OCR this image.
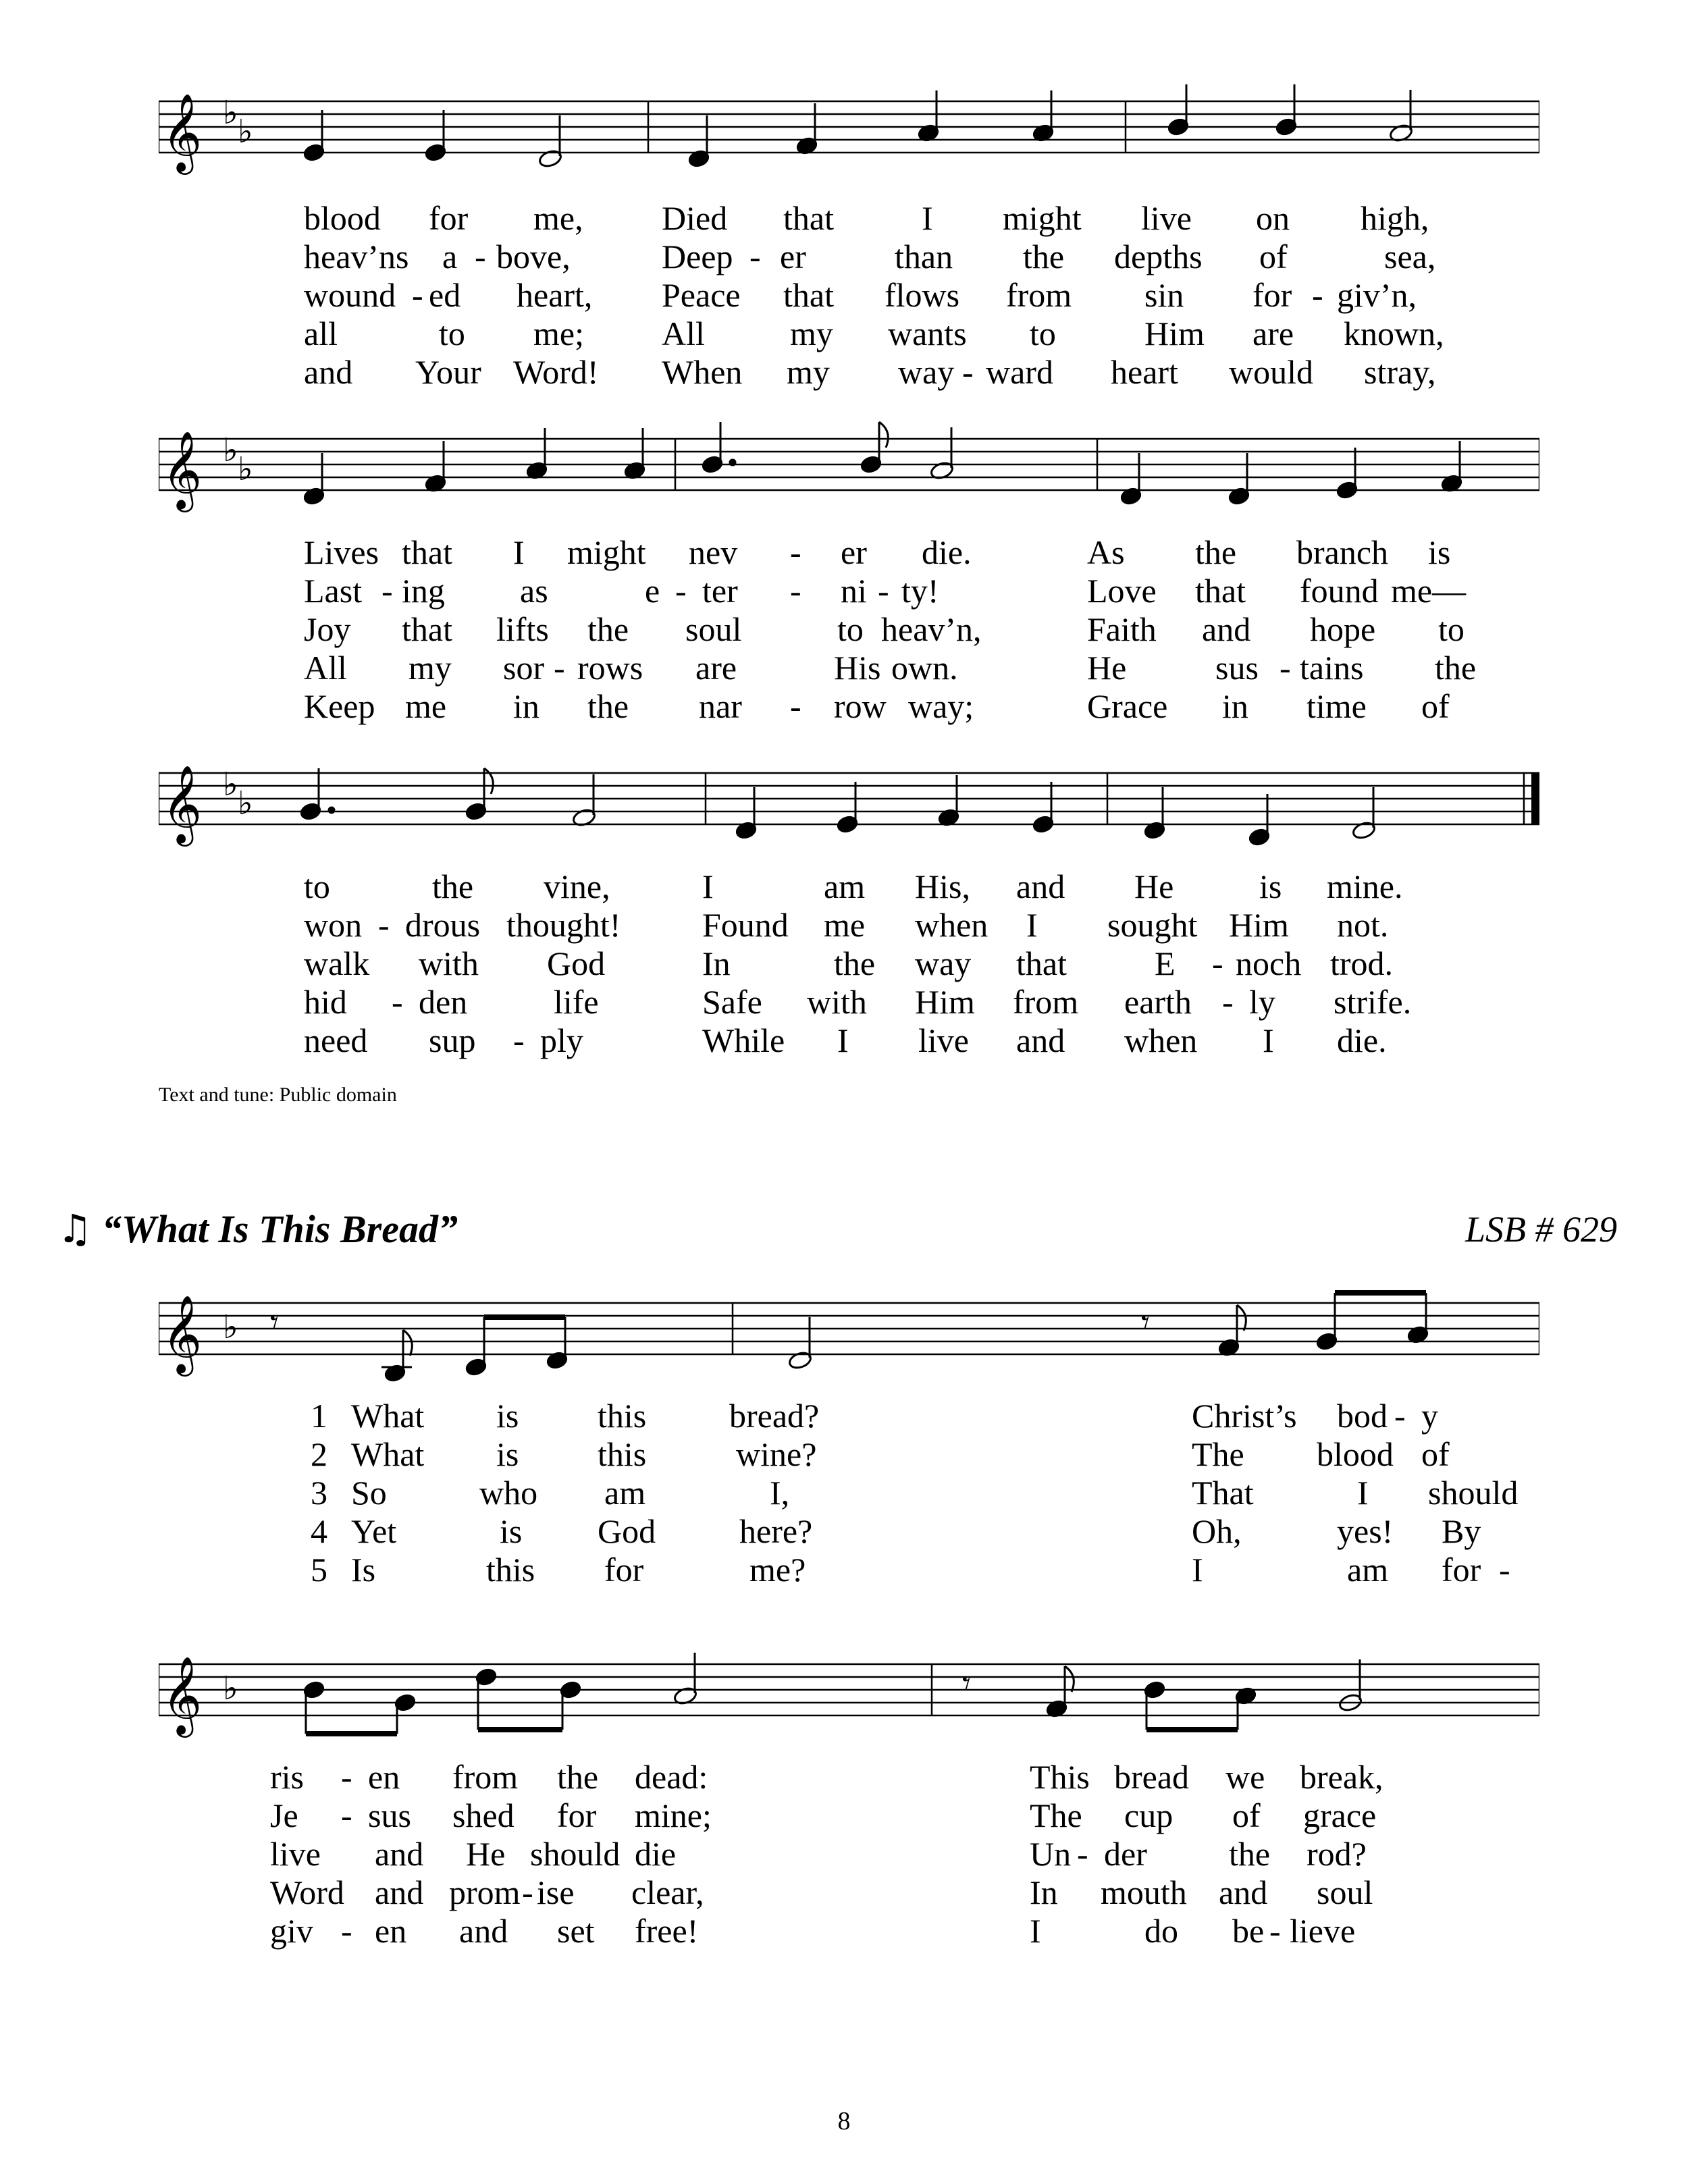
𝄞 ♭ ♭
blood for me, Died that	I might live on high,
heav’ns a - bove,	Deep - er	than the depths of	sea,
wound - ed heart, Peace that flows from sin for - giv’n,
all	to me; All	my wants to	Him are known,
and Your Word! When my way - ward heart would stray,
𝄞 ♭ ♭
Lives that I might nev - er die.	As the branch is
Last - ing as	e - ter - ni - ty!	Love that found me—
Joy that lifts the soul	to heav’n,	Faith and hope to
All my sor - rows are	His own.	He	sus - tains the
Keep me in the nar - row way;	Grace in time of
𝄞 ♭ ♭
to	the vine,	I	am His, and He	is mine.
won - drous thought! Found me when I sought Him not.
walk with God	In	the way that	E - noch trod.
hid - den	life	Safe with Him from earth - ly strife.
need sup - ply	While I live and when I die.
Text and tune: Public domain
♫ “What Is This Bread”	LSB # 629
𝄞 ♭ 𝄾	𝄾
1 What is this bread?	Christ’s bod - y
2 What is this	wine?	The blood of
3 So	who am	I,	That	I should
4 Yet	is God here?	Oh,	yes! By
5 Is	this for	me?	I	am for -
𝄞 ♭	𝄾
ris - en from the dead:	This bread we break,
Je - sus shed for mine;	The cup of grace
live and He should die	Un - der the rod?
Word and prom - ise clear,	In mouth and soul
giv - en and set free!	I	do be - lieve
8
